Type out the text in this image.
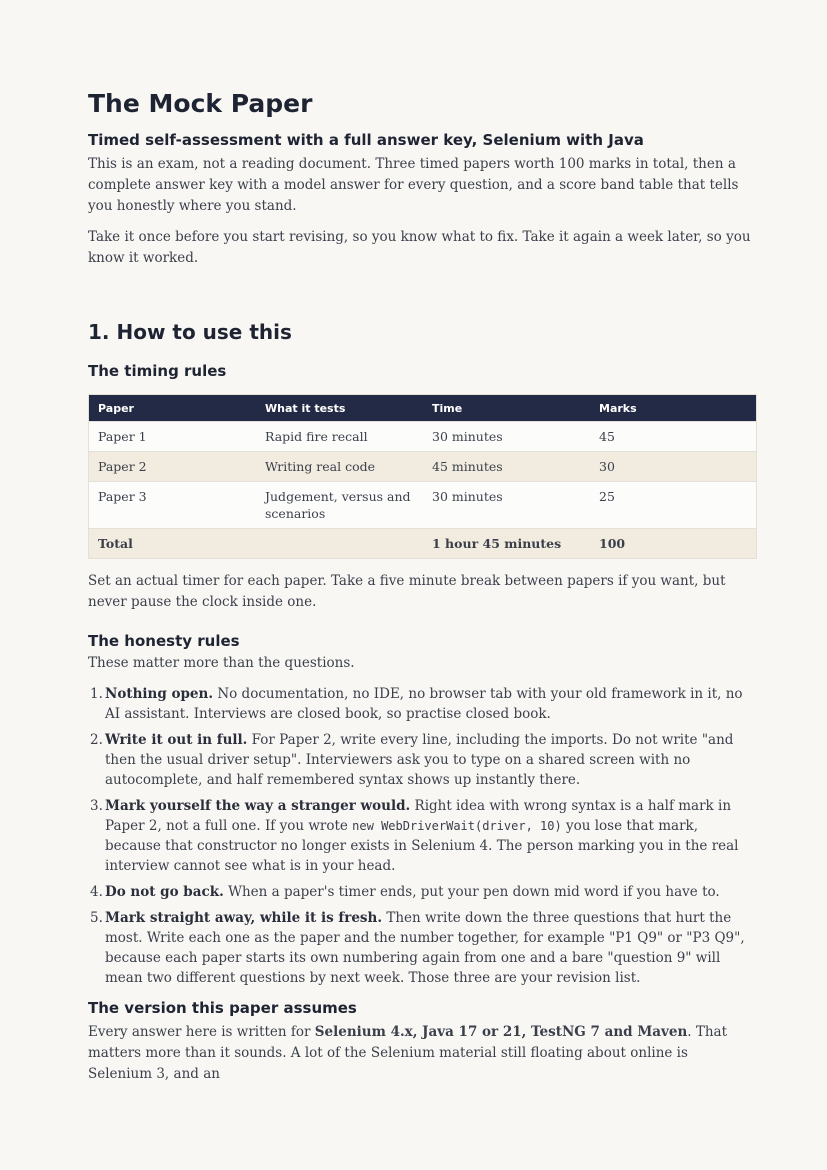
The Mock Paper
Timed self-assessment with a full answer key, Selenium with Java

This is an exam, not a reading document. Three timed papers worth 100 marks in total, then a complete answer key with a model answer for every question, and a score band table that tells you honestly where you stand.

Take it once before you start revising, so you know what to fix. Take it again a week later, so you know it worked.

1. How to use this
The timing rules
Paper	What it tests	Time	Marks
Paper 1	Rapid fire recall	30 minutes	45
Paper 2	Writing real code	45 minutes	30
Paper 3	Judgement, versus and scenarios	30 minutes	25
Total		1 hour 45 minutes	100

Set an actual timer for each paper. Take a five minute break between papers if you want, but never pause the clock inside one.

The honesty rules

These matter more than the questions.

1. Nothing open. No documentation, no IDE, no browser tab with your old framework in it, no AI assistant. Interviews are closed book, so practise closed book.
2. Write it out in full. For Paper 2, write every line, including the imports. Do not write "and then the usual driver setup". Interviewers ask you to type on a shared screen with no autocomplete, and half remembered syntax shows up instantly there.
3. Mark yourself the way a stranger would. Right idea with wrong syntax is a half mark in Paper 2, not a full one. If you wrote new WebDriverWait(driver, 10) you lose that mark, because that constructor no longer exists in Selenium 4. The person marking you in the real interview cannot see what is in your head.
4. Do not go back. When a paper's timer ends, put your pen down mid word if you have to.
5. Mark straight away, while it is fresh. Then write down the three questions that hurt the most. Write each one as the paper and the number together, for example "P1 Q9" or "P3 Q9", because each paper starts its own numbering again from one and a bare "question 9" will mean two different questions by next week. Those three are your revision list.
The version this paper assumes

Every answer here is written for Selenium 4.x, Java 17 or 21, TestNG 7 and Maven. That matters more than it sounds. A lot of the Selenium material still floating about online is Selenium 3, and an
